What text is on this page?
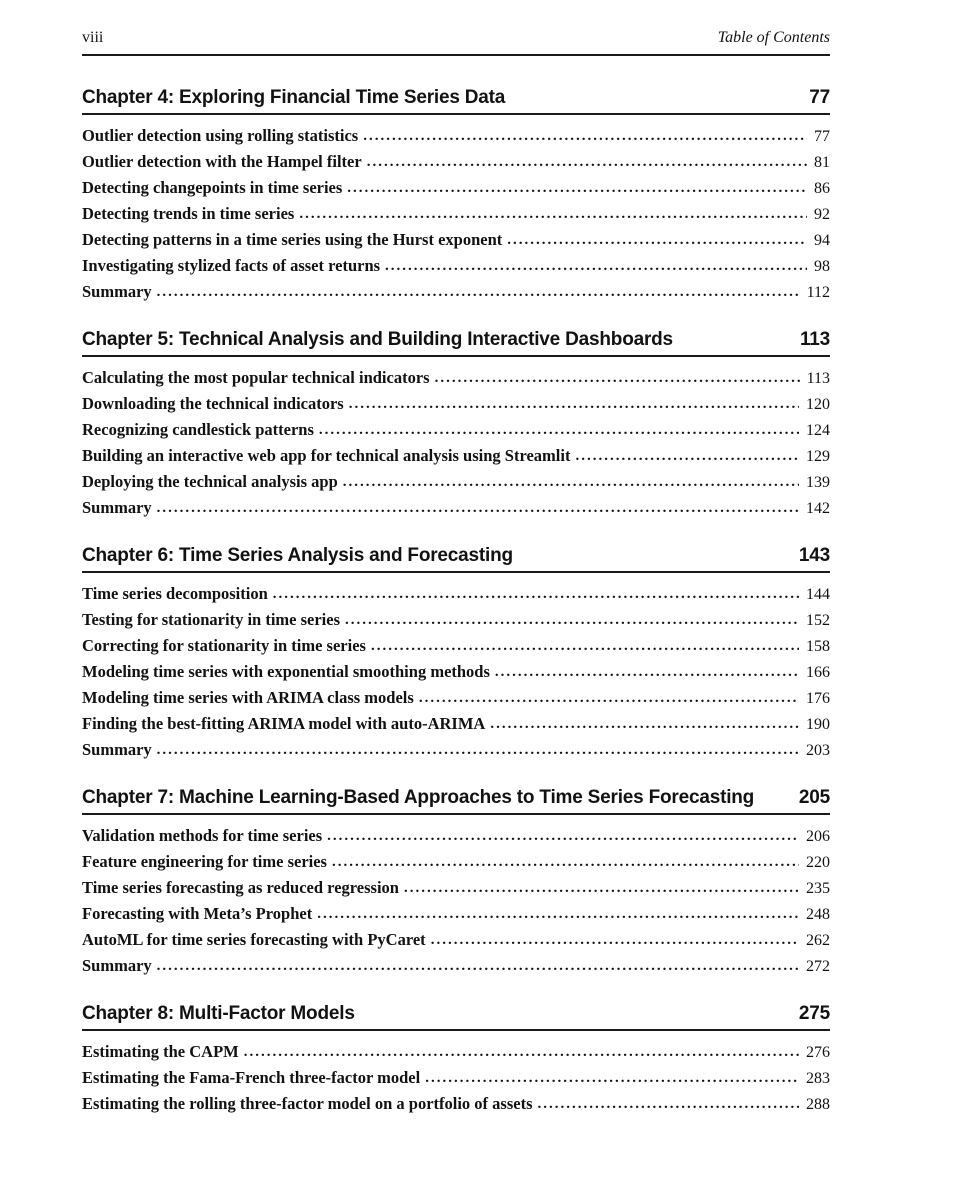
viii	Table of Contents
Chapter 4: Exploring Financial Time Series Data	77
Outlier detection using rolling statistics .....	77
Outlier detection with the Hampel filter .....	81
Detecting changepoints in time series .....	86
Detecting trends in time series .....	92
Detecting patterns in a time series using the Hurst exponent .....	94
Investigating stylized facts of asset returns .....	98
Summary .....	112
Chapter 5: Technical Analysis and Building Interactive Dashboards	113
Calculating the most popular technical indicators .....	113
Downloading the technical indicators .....	120
Recognizing candlestick patterns .....	124
Building an interactive web app for technical analysis using Streamlit .....	129
Deploying the technical analysis app .....	139
Summary .....	142
Chapter 6: Time Series Analysis and Forecasting	143
Time series decomposition .....	144
Testing for stationarity in time series .....	152
Correcting for stationarity in time series .....	158
Modeling time series with exponential smoothing methods .....	166
Modeling time series with ARIMA class models .....	176
Finding the best-fitting ARIMA model with auto-ARIMA .....	190
Summary .....	203
Chapter 7: Machine Learning-Based Approaches to Time Series Forecasting	205
Validation methods for time series .....	206
Feature engineering for time series .....	220
Time series forecasting as reduced regression .....	235
Forecasting with Meta’s Prophet .....	248
AutoML for time series forecasting with PyCaret .....	262
Summary .....	272
Chapter 8: Multi-Factor Models	275
Estimating the CAPM .....	276
Estimating the Fama-French three-factor model .....	283
Estimating the rolling three-factor model on a portfolio of assets .....	288
